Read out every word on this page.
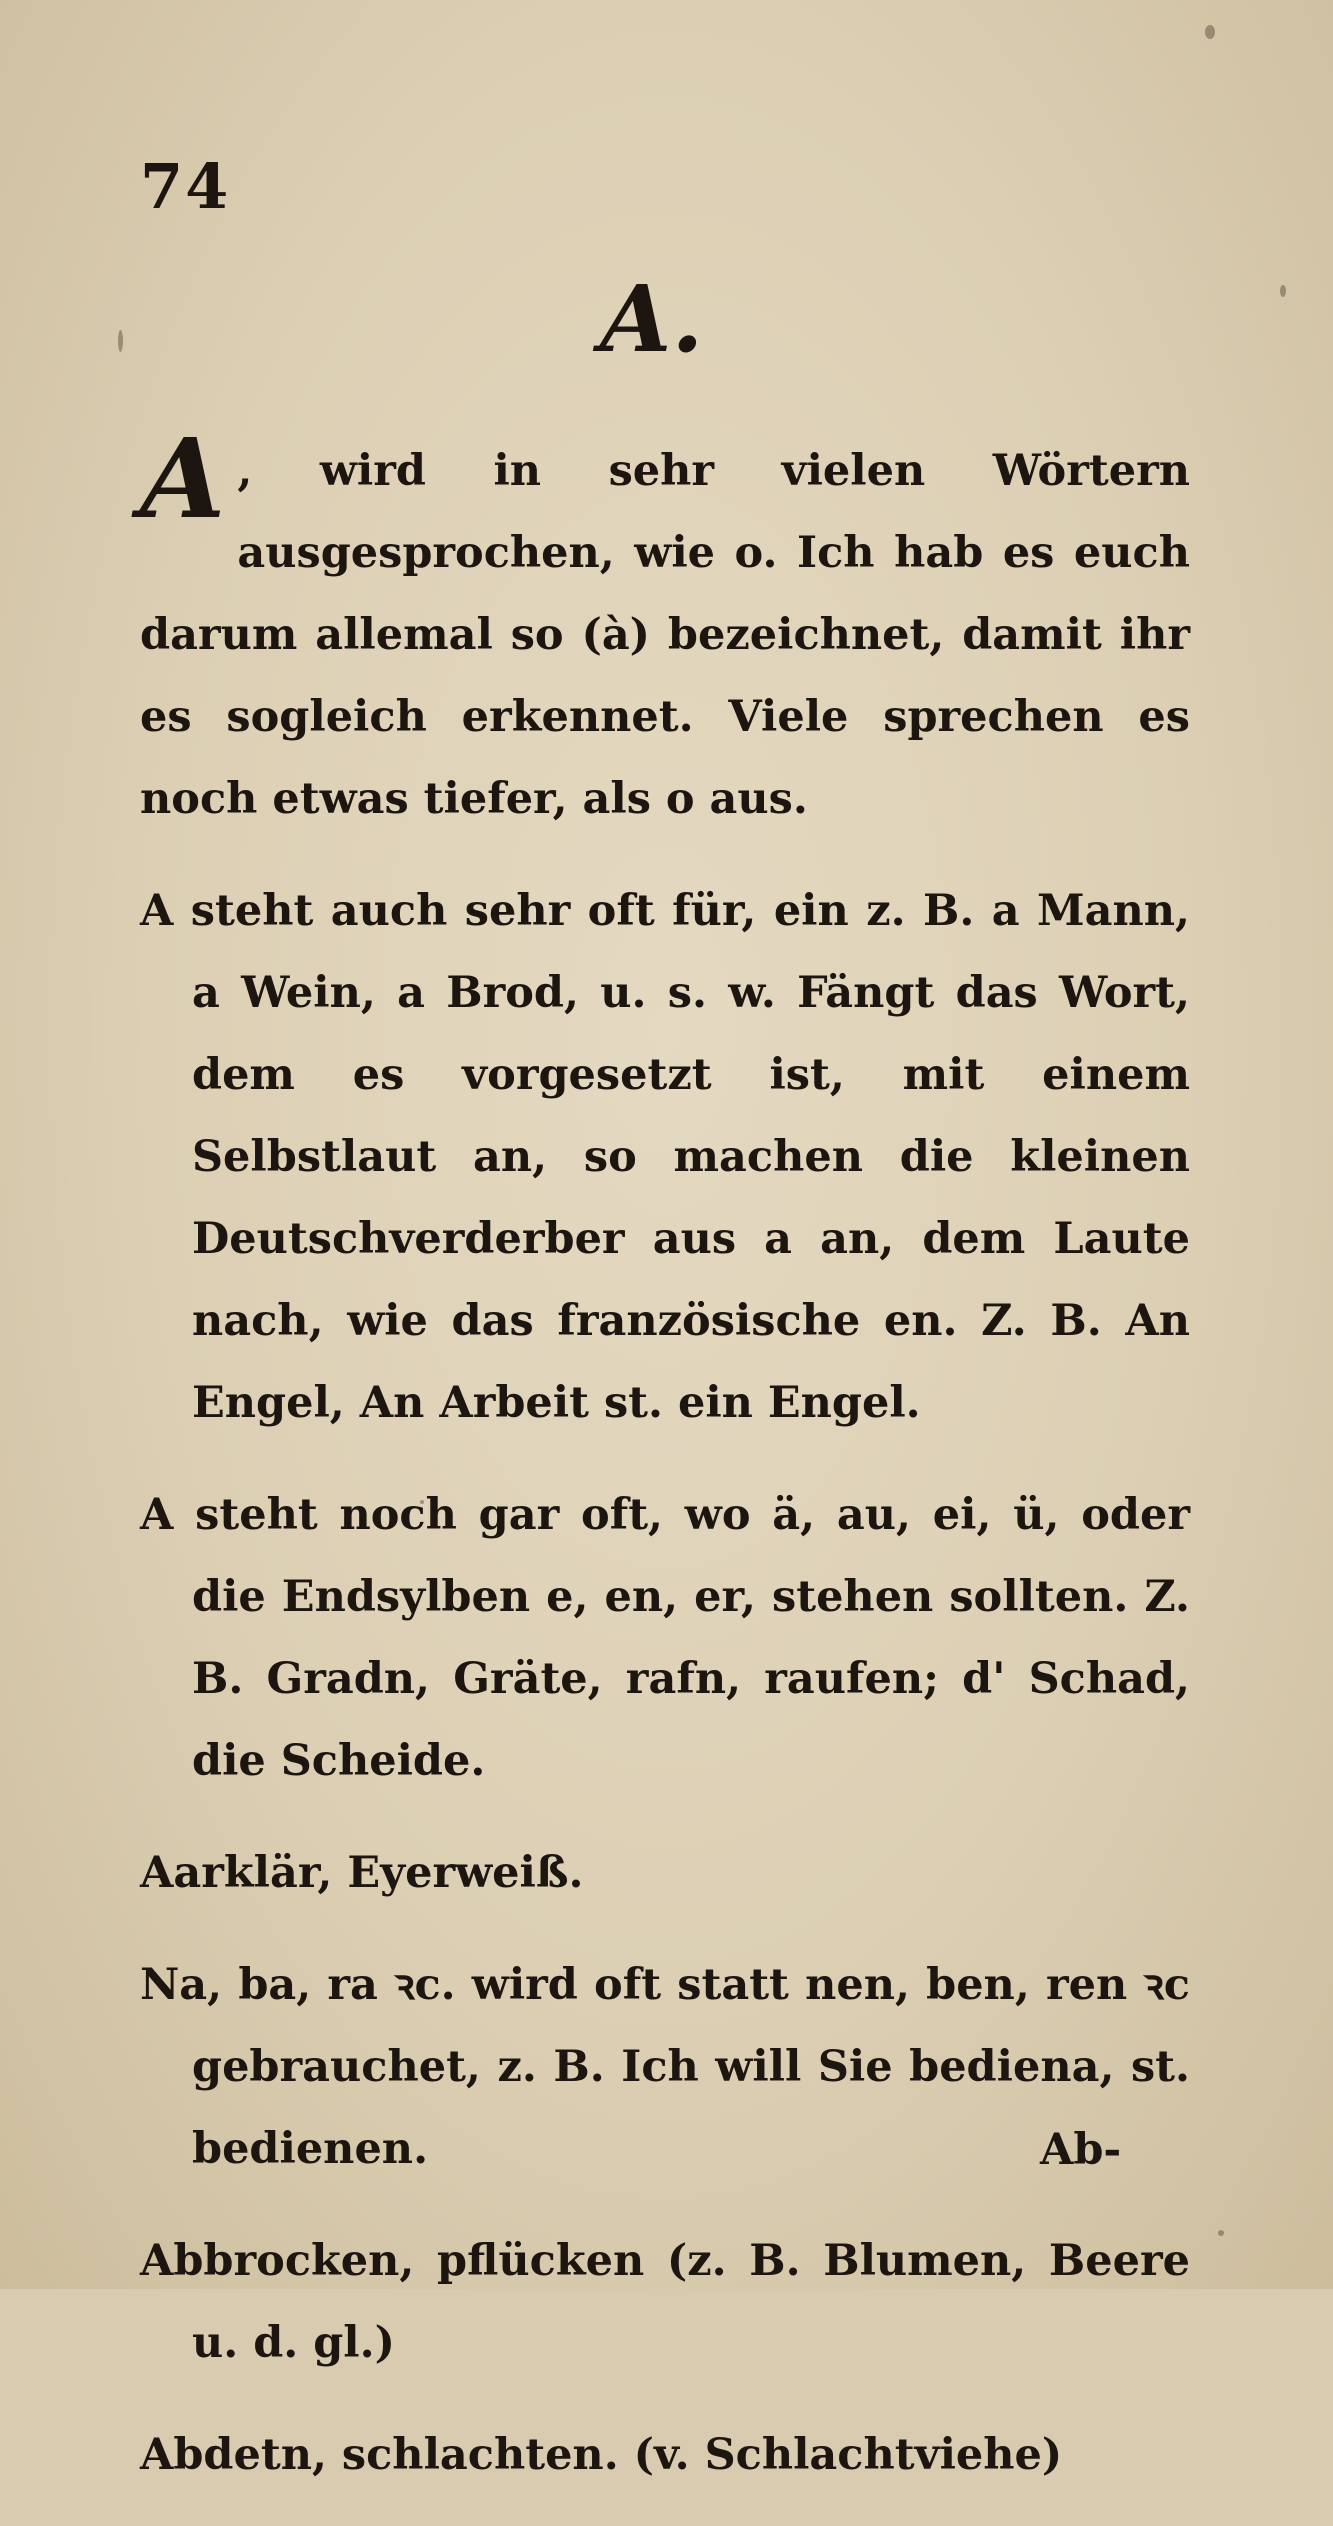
74
A.

A , wird in sehr vielen Wörtern ausgesprochen, wie o. Ich hab es euch darum allemal so (à) bezeichnet, damit ihr es sogleich erkennet. Viele sprechen es noch etwas tiefer, als o aus.

A steht auch sehr oft für, ein z. B. a Mann, a Wein, a Brod, u. s. w. Fängt das Wort, dem es vorgesetzt ist, mit einem Selbstlaut an, so machen die kleinen Deutschverderber aus a an, dem Laute nach, wie das französische en. Z. B. An Engel, An Arbeit st. ein Engel.

A steht noch gar oft, wo ä, au, ei, ü, oder die Endsylben e, en, er, stehen sollten. Z. B. Gradn, Gräte, rafn, raufen; d' Schad, die Scheide.

Aarklär, Eyerweiß.

Na, ba, ra ꝛc. wird oft statt nen, ben, ren ꝛc gebrauchet, z. B. Ich will Sie bediena, st. bedienen.

Abbrocken, pflücken (z. B. Blumen, Beere u. d. gl.)

Abdetn, schlachten. (v. Schlachtviehe)

Ab-
